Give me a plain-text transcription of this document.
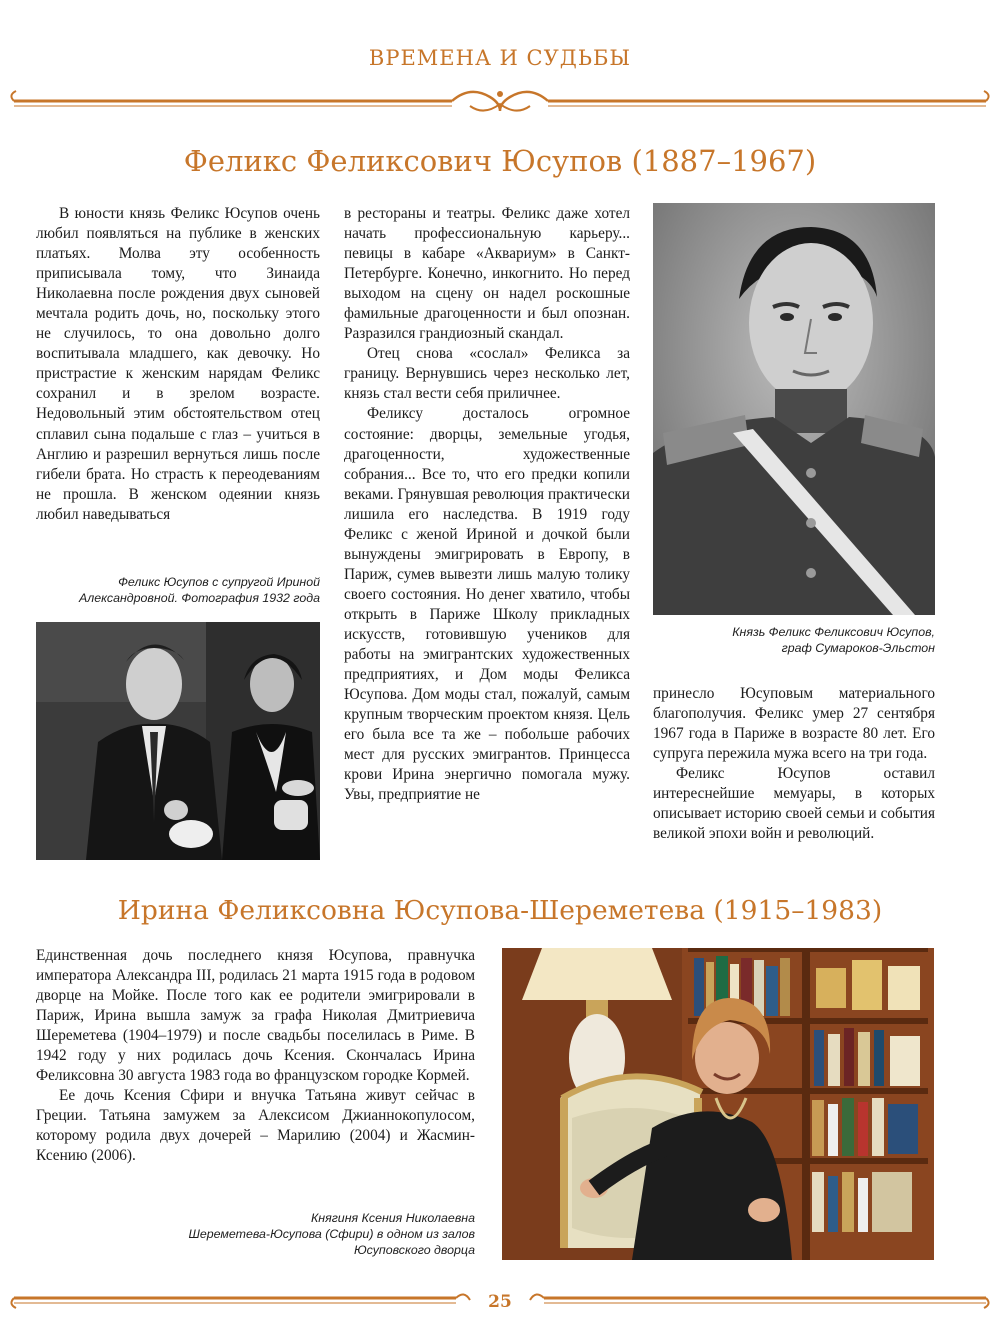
ВРЕМЕНА И СУДЬБЫ
Феликс Феликсович Юсупов (1887–1967)

В юности князь Феликс Юсупов очень любил появляться на публике в женских платьях. Молва эту особенность приписывала тому, что Зинаида Николаевна после рождения двух сыновей мечтала родить дочь, но, поскольку этого не случилось, то она довольно долго воспитывала младшего, как девочку. Но пристрастие к женским нарядам Феликс сохранил и в зрелом возрасте. Недовольный этим обстоятельством отец сплавил сына подальше с глаз – учиться в Англию и разрешил вернуться лишь после гибели брата. Но страсть к переодеваниям не прошла. В женском одеянии князь любил наведываться

в рестораны и театры. Феликс даже хотел начать профессиональную карьеру... певицы в кабаре «Аквариум» в Санкт-Петербурге. Конечно, инкогнито. Но перед выходом на сцену он надел роскошные фамильные драгоценности и был опознан. Разразился грандиозный скандал.

Отец снова «сослал» Феликса за границу. Вернувшись через несколько лет, князь стал вести себя приличнее.

Феликсу досталось огромное состояние: дворцы, земельные угодья, драгоценности, художественные собрания... Все то, что его предки копили веками. Грянувшая революция практически лишила его наследства. В 1919 году Феликс с женой Ириной и дочкой были вынуждены эмигрировать в Европу, в Париж, сумев вывезти лишь малую толику своего состояния. Но денег хватило, чтобы открыть в Париже Школу прикладных искусств, готовившую учеников для работы на эмигрантских художественных предприятиях, и Дом моды Феликса Юсупова. Дом моды стал, пожалуй, самым крупным творческим проектом князя. Цель его была все та же – побольше рабочих мест для русских эмигрантов. Принцесса крови Ирина энергично помогала мужу. Увы, предприятие не

принесло Юсуповым материального благополучия. Феликс умер 27 сентября 1967 года в Париже в возрасте 80 лет. Его супруга пережила мужа всего на три года.

Феликс Юсупов оставил интереснейшие мемуары, в которых описывает историю своей семьи и события великой эпохи войн и революций.

Феликс Юсупов с супругой Ириной
Александровной. Фотография 1932 года
Князь Феликс Феликсович Юсупов,
граф Сумароков-Эльстон
Ирина Феликсовна Юсупова-Шереметева (1915–1983)

Единственная дочь последнего князя Юсупова, правнучка императора Александра III, родилась 21 марта 1915 года в родовом дворце на Мойке. После того как ее родители эмигрировали в Париж, Ирина вышла замуж за графа Николая Дмитриевича Шереметева (1904–1979) и после свадьбы поселилась в Риме. В 1942 году у них родилась дочь Ксения. Скончалась Ирина Феликсовна 30 августа 1983 года во французском городке Кормей.

Ее дочь Ксения Сфири и внучка Татьяна живут сейчас в Греции. Татьяна замужем за Алексисом Джианнокопулосом, которому родила двух дочерей – Марилию (2004) и Жасмин-Ксению (2006).

Княгиня Ксения Николаевна
Шереметева-Юсупова (Сфири) в одном из залов
Юсуповского дворца
25
